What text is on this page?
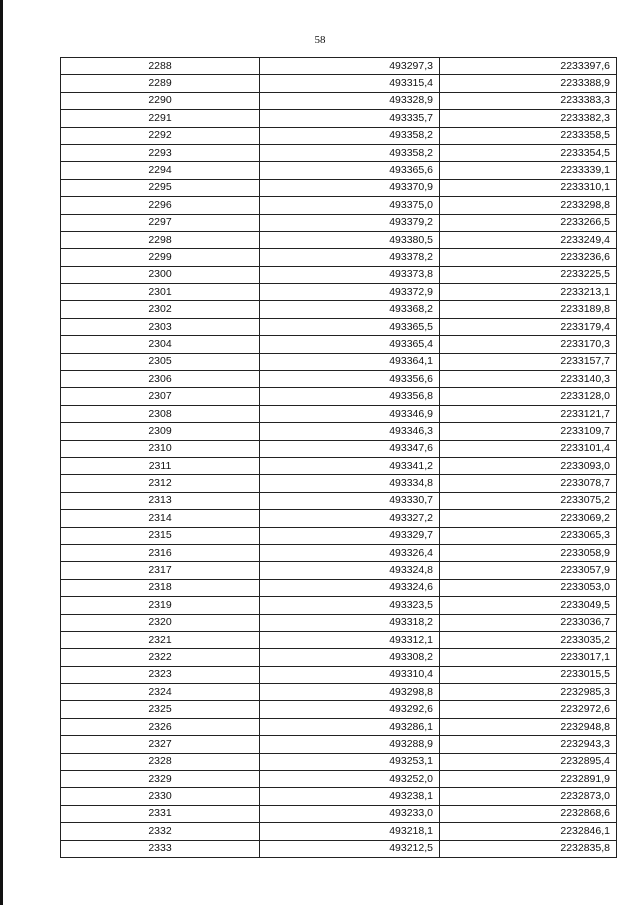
58
2288	493297,3	2233397,6
2289	493315,4	2233388,9
2290	493328,9	2233383,3
2291	493335,7	2233382,3
2292	493358,2	2233358,5
2293	493358,2	2233354,5
2294	493365,6	2233339,1
2295	493370,9	2233310,1
2296	493375,0	2233298,8
2297	493379,2	2233266,5
2298	493380,5	2233249,4
2299	493378,2	2233236,6
2300	493373,8	2233225,5
2301	493372,9	2233213,1
2302	493368,2	2233189,8
2303	493365,5	2233179,4
2304	493365,4	2233170,3
2305	493364,1	2233157,7
2306	493356,6	2233140,3
2307	493356,8	2233128,0
2308	493346,9	2233121,7
2309	493346,3	2233109,7
2310	493347,6	2233101,4
2311	493341,2	2233093,0
2312	493334,8	2233078,7
2313	493330,7	2233075,2
2314	493327,2	2233069,2
2315	493329,7	2233065,3
2316	493326,4	2233058,9
2317	493324,8	2233057,9
2318	493324,6	2233053,0
2319	493323,5	2233049,5
2320	493318,2	2233036,7
2321	493312,1	2233035,2
2322	493308,2	2233017,1
2323	493310,4	2233015,5
2324	493298,8	2232985,3
2325	493292,6	2232972,6
2326	493286,1	2232948,8
2327	493288,9	2232943,3
2328	493253,1	2232895,4
2329	493252,0	2232891,9
2330	493238,1	2232873,0
2331	493233,0	2232868,6
2332	493218,1	2232846,1
2333	493212,5	2232835,8
